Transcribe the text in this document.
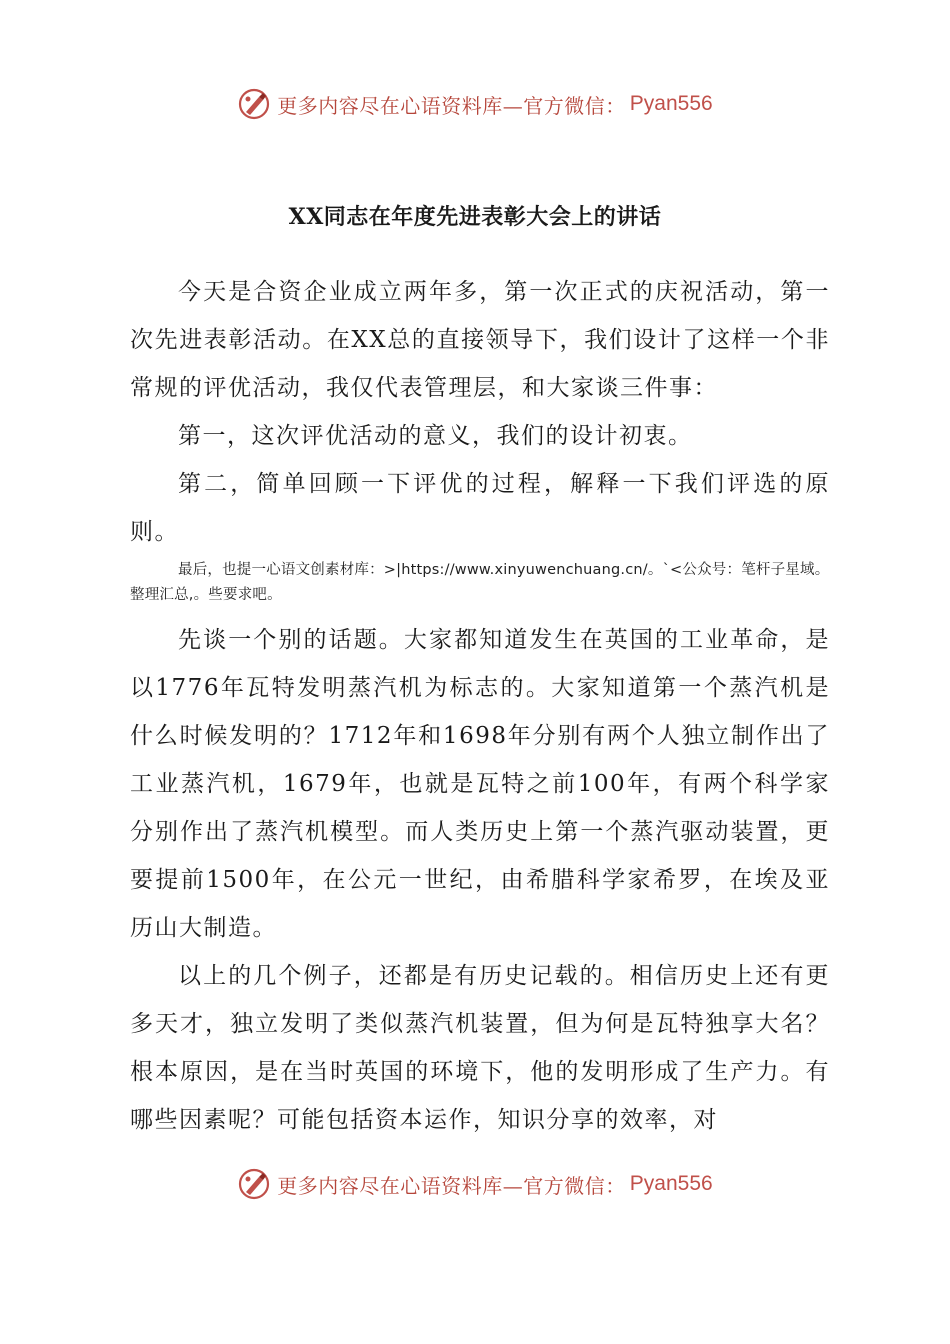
更多内容尽在心语资料库—官方微信： Pyan556
XX同志在年度先进表彰大会上的讲话

今天是合资企业成立两年多，第一次正式的庆祝活动，第一次先进表彰活动。在XX总的直接领导下，我们设计了这样一个非常规的评优活动，我仅代表管理层，和大家谈三件事：

第一，这次评优活动的意义，我们的设计初衷。

第二，简单回顾一下评优的过程，解释一下我们评选的原则。

最后，也提一心语文创素材库：>|https://www.xinyuwenchuang.cn/。`<公众号：笔杆子星域。整理汇总,。些要求吧。

先谈一个别的话题。大家都知道发生在英国的工业革命，是以1776年瓦特发明蒸汽机为标志的。大家知道第一个蒸汽机是什么时候发明的？1712年和1698年分别有两个人独立制作出了工业蒸汽机，1679年，也就是瓦特之前100年，有两个科学家分别作出了蒸汽机模型。而人类历史上第一个蒸汽驱动装置，更要提前1500年，在公元一世纪，由希腊科学家希罗，在埃及亚历山大制造。

以上的几个例子，还都是有历史记载的。相信历史上还有更多天才，独立发明了类似蒸汽机装置，但为何是瓦特独享大名？根本原因，是在当时英国的环境下，他的发明形成了生产力。有哪些因素呢？可能包括资本运作，知识分享的效率，对

更多内容尽在心语资料库—官方微信： Pyan556
